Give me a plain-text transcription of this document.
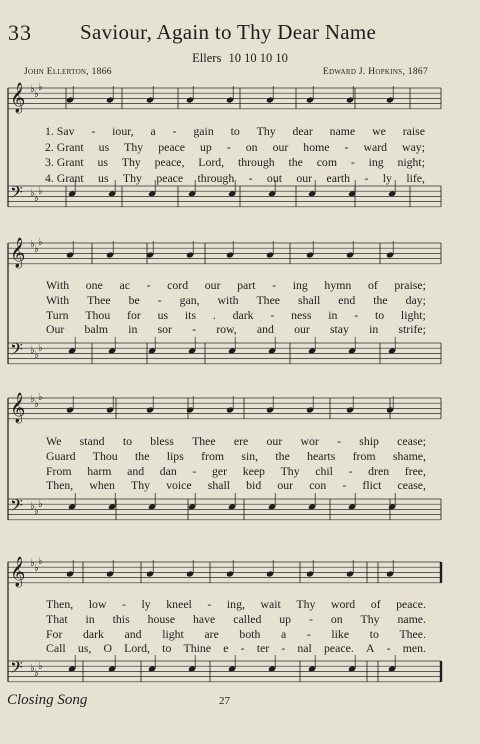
33 Saviour, Again to Thy Dear Name
Ellers 10 10 10 10
John Ellerton, 1866	Edward J. Hopkins, 1867
𝄞
𝄢
♭ ♭
♭
♭ ♭
♭
𝄞
𝄢
♭ ♭
♭
♭ ♭
♭
𝄞
𝄢
♭ ♭
♭
♭ ♭
♭
𝄞
𝄢
♭ ♭
♭
♭ ♭
♭
1. Sav - iour, a - gain to Thy dear name we raise
2. Grant us Thy peace up - on our home - ward way;
3. Grant us Thy peace, Lord, through the com - ing night;
4. Grant us Thy peace through - out our earth - ly life,
With one ac - cord our part - ing hymn of praise;
With Thee be - gan, with Thee shall end the day;
Turn Thou for us its . dark - ness in - to light;
Our balm in sor - row, and our stay in strife;
We stand to bless Thee ere our wor - ship cease;
Guard Thou the lips from sin, the hearts from shame,
From harm and dan - ger keep Thy chil - dren free,
Then, when Thy voice shall bid our con - flict cease,
Then, low - ly kneel - ing, wait Thy word of peace.
That in this house have called up - on Thy name.
For dark and light are both a - like to Thee.
Call us, O Lord, to Thine e - ter - nal peace. A - men.
Closing Song	27
